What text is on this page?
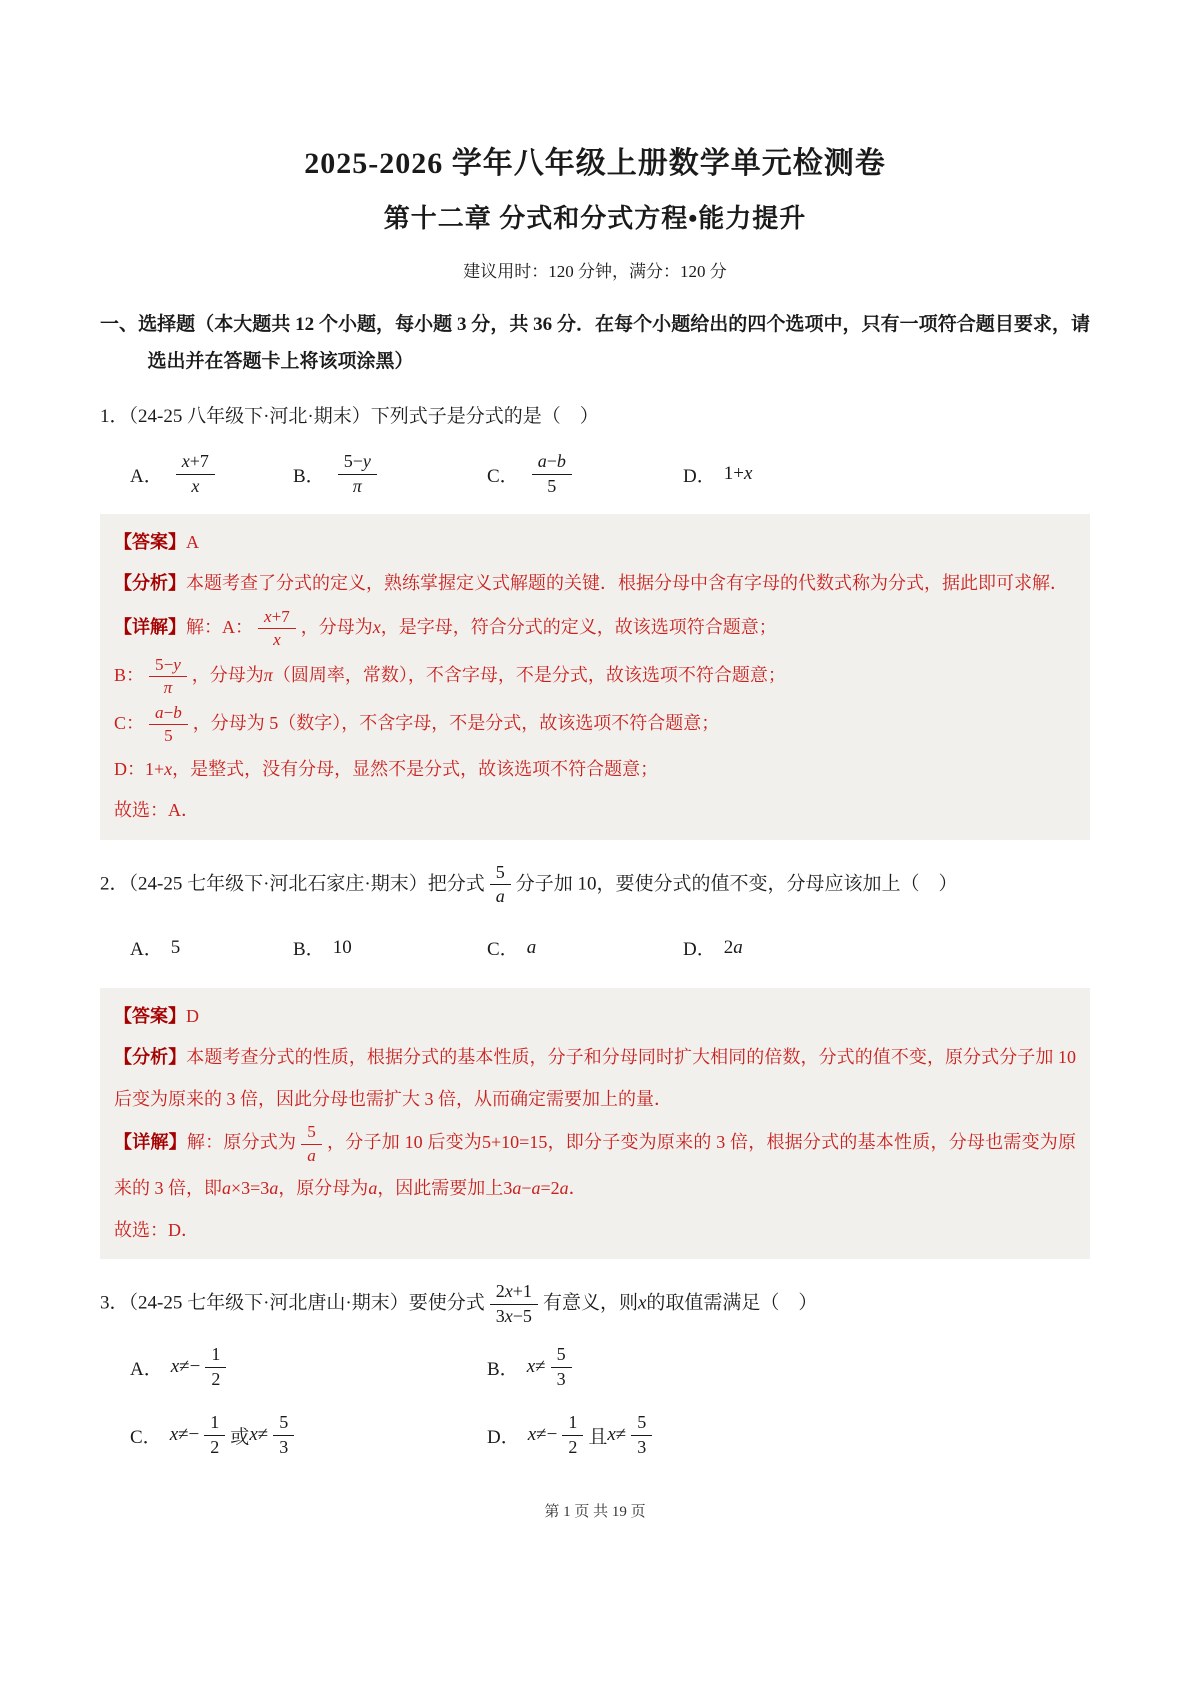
2025-2026 学年八年级上册数学单元检测卷
第十二章 分式和分式方程•能力提升

建议用时：120 分钟，满分：120 分

一、选择题（本大题共 12 个小题，每小题 3 分，共 36 分．在每个小题给出的四个选项中，只有一项符合题目要求，请选出并在答题卡上将该项涂黑）

1．（24-25 八年级下·河北·期末）下列式子是分式的是（　）

A． $\frac{x+7}{x}$	B． $\frac{5-y}{\pi}$	C． $\frac{a-b}{5}$	D． 1+x

【答案】A

【分析】本题考查了分式的定义，熟练掌握定义式解题的关键．根据分母中含有字母的代数式称为分式，据此即可求解．

【详解】解：A： $\frac{x+7}{x}$ ，分母为x，是字母，符合分式的定义，故该选项符合题意；

B： $\frac{5-y}{\pi}$ ，分母为π（圆周率，常数），不含字母，不是分式，故该选项不符合题意；

C： $\frac{a-b}{5}$ ，分母为 5（数字），不含字母，不是分式，故该选项不符合题意；

D：1+x，是整式，没有分母，显然不是分式，故该选项不符合题意；

故选：A．

2．（24-25 七年级下·河北石家庄·期末）把分式 $\frac{5}{a}$ 分子加 10，要使分式的值不变，分母应该加上（　）

A． 5	B． 10	C． a	D． 2a

【答案】D

【分析】本题考查分式的性质，根据分式的基本性质，分子和分母同时扩大相同的倍数，分式的值不变，原分式分子加 10 后变为原来的 3 倍，因此分母也需扩大 3 倍，从而确定需要加上的量．

【详解】解：原分式为 $\frac{5}{a}$ ，分子加 10 后变为5+10=15，即分子变为原来的 3 倍，根据分式的基本性质，分母也需变为原来的 3 倍，即a×3=3a，原分母为a，因此需要加上3a−a=2a．

故选：D．

3．（24-25 七年级下·河北唐山·期末）要使分式 $\frac{2x+1}{3x-5}$ 有意义，则x的取值需满足（　）

A． $x\ne- \frac{1}{2}$	B． $x\ne \frac{5}{3}$
C． $x\ne- \frac{1}{2}$ 或 $x\ne \frac{5}{3}$	D． $x\ne- \frac{1}{2}$ 且 $x\ne \frac{5}{3}$
第 1 页 共 19 页
